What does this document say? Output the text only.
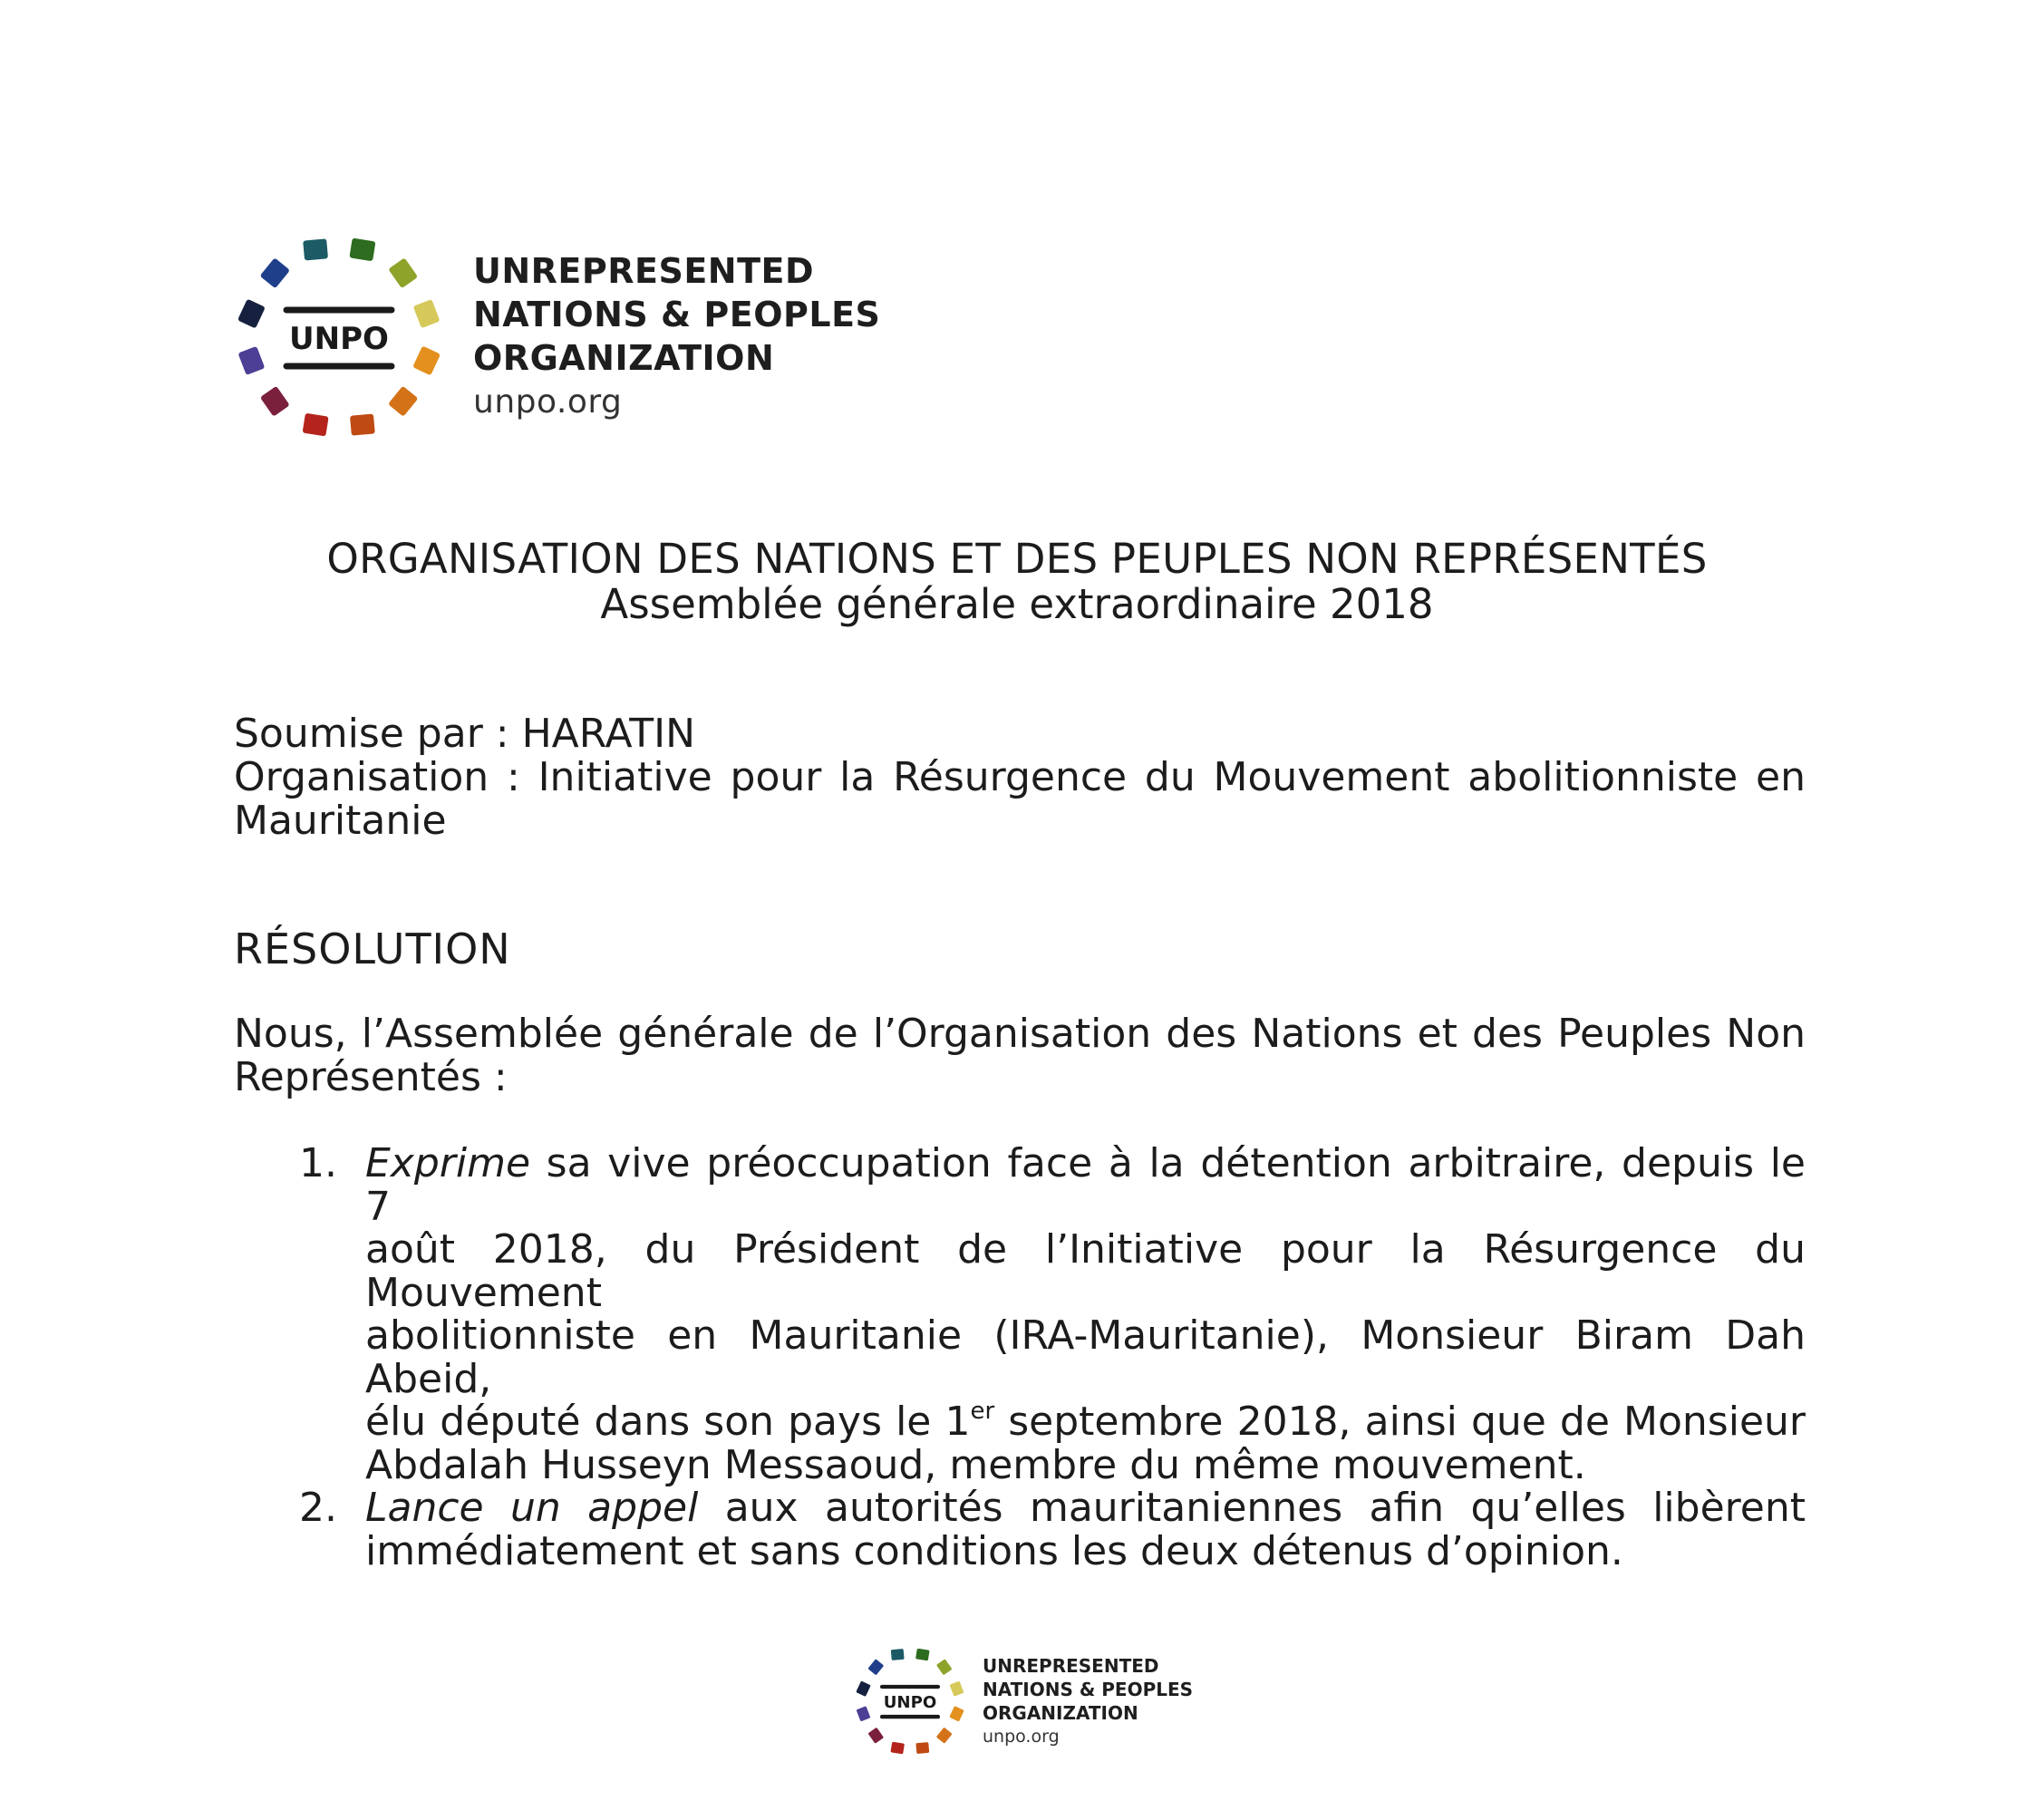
UNPO
UNREPRESENTED
NATIONS & PEOPLES
ORGANIZATION
unpo.org
ORGANISATION DES NATIONS ET DES PEUPLES NON REPRÉSENTÉS
Assemblée générale extraordinaire 2018
Soumise par : HARATIN
Organisation : Initiative pour la Résurgence du Mouvement abolitionniste en
Mauritanie
RÉSOLUTION
Nous, l’Assemblée générale de l’Organisation des Nations et des Peuples Non
Représentés :
1. Exprime sa vive préoccupation face à la détention arbitraire, depuis le 7
août 2018, du Président de l’Initiative pour la Résurgence du Mouvement
abolitionniste en Mauritanie (IRA-Mauritanie), Monsieur Biram Dah Abeid,
élu député dans son pays le 1er septembre 2018, ainsi que de Monsieur
Abdalah Husseyn Messaoud, membre du même mouvement.
2. Lance un appel aux autorités mauritaniennes afin qu’elles libèrent
immédiatement et sans conditions les deux détenus d’opinion.
UNPO
UNREPRESENTED
NATIONS & PEOPLES
ORGANIZATION
unpo.org
